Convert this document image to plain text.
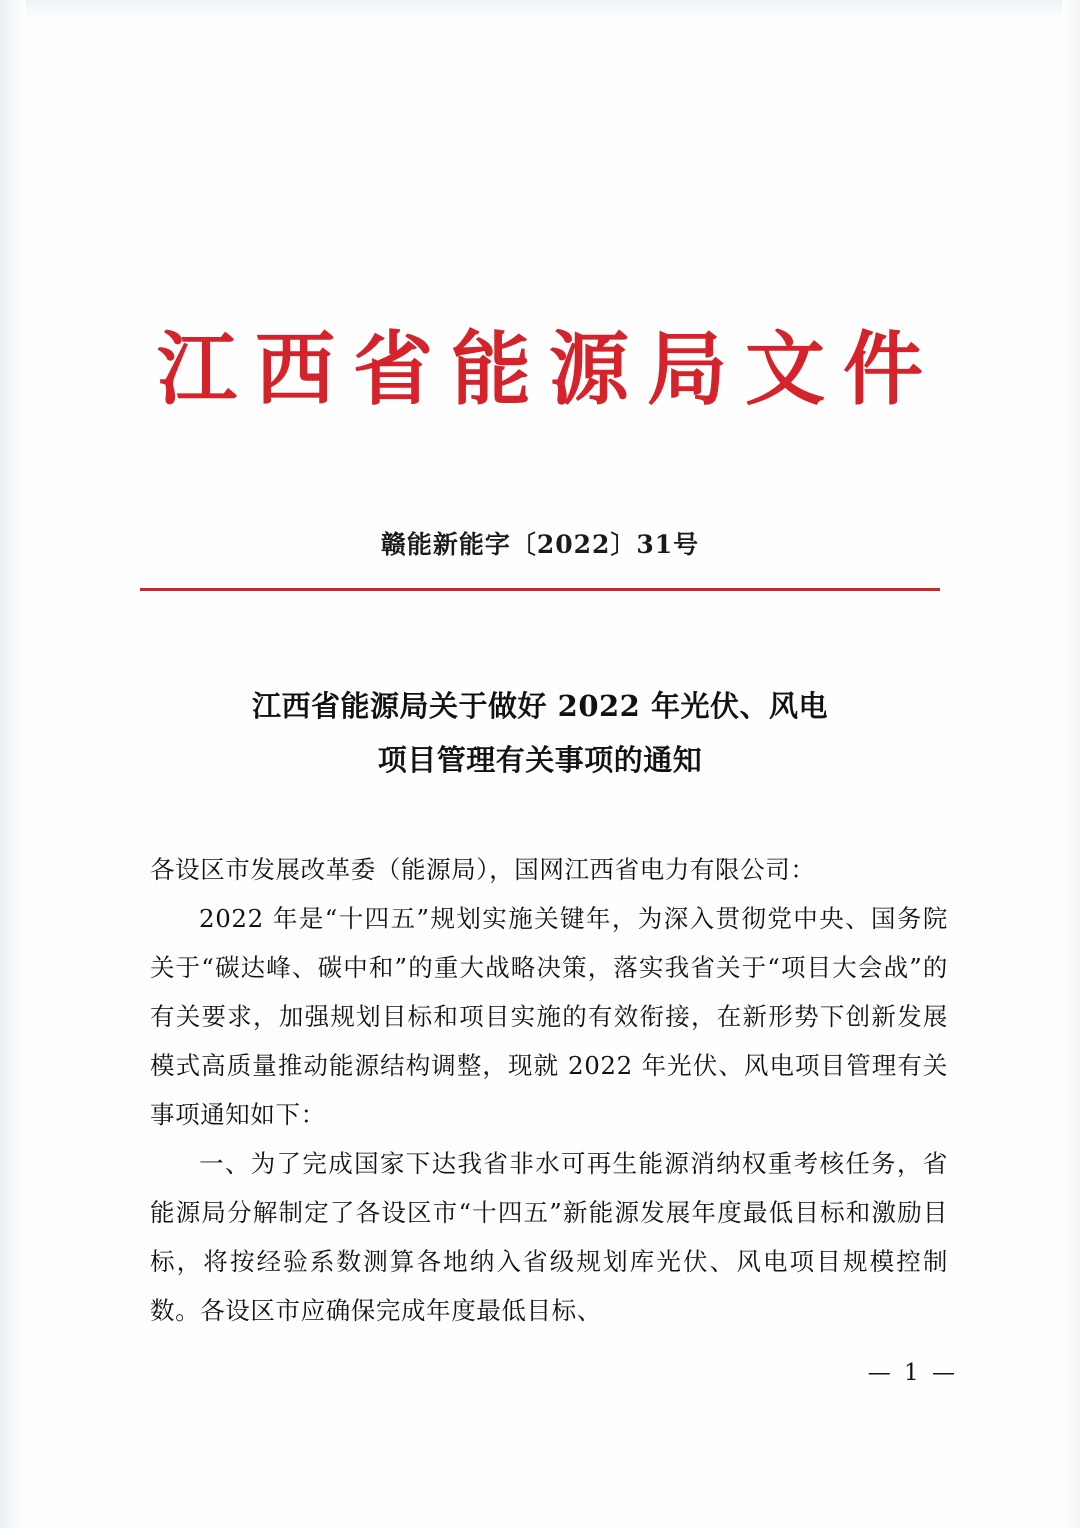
江西省能源局文件
赣能新能字〔2022〕31号
江西省能源局关于做好 2022 年光伏、风电
项目管理有关事项的通知

各设区市发展改革委（能源局），国网江西省电力有限公司：

2022 年是“十四五”规划实施关键年，为深入贯彻党中央、国务院关于“碳达峰、碳中和”的重大战略决策，落实我省关于“项目大会战”的有关要求，加强规划目标和项目实施的有效衔接，在新形势下创新发展模式高质量推动能源结构调整，现就 2022 年光伏、风电项目管理有关事项通知如下：

一、为了完成国家下达我省非水可再生能源消纳权重考核任务，省能源局分解制定了各设区市“十四五”新能源发展年度最低目标和激励目标，将按经验系数测算各地纳入省级规划库光伏、风电项目规模控制数。各设区市应确保完成年度最低目标、

— 1 —
